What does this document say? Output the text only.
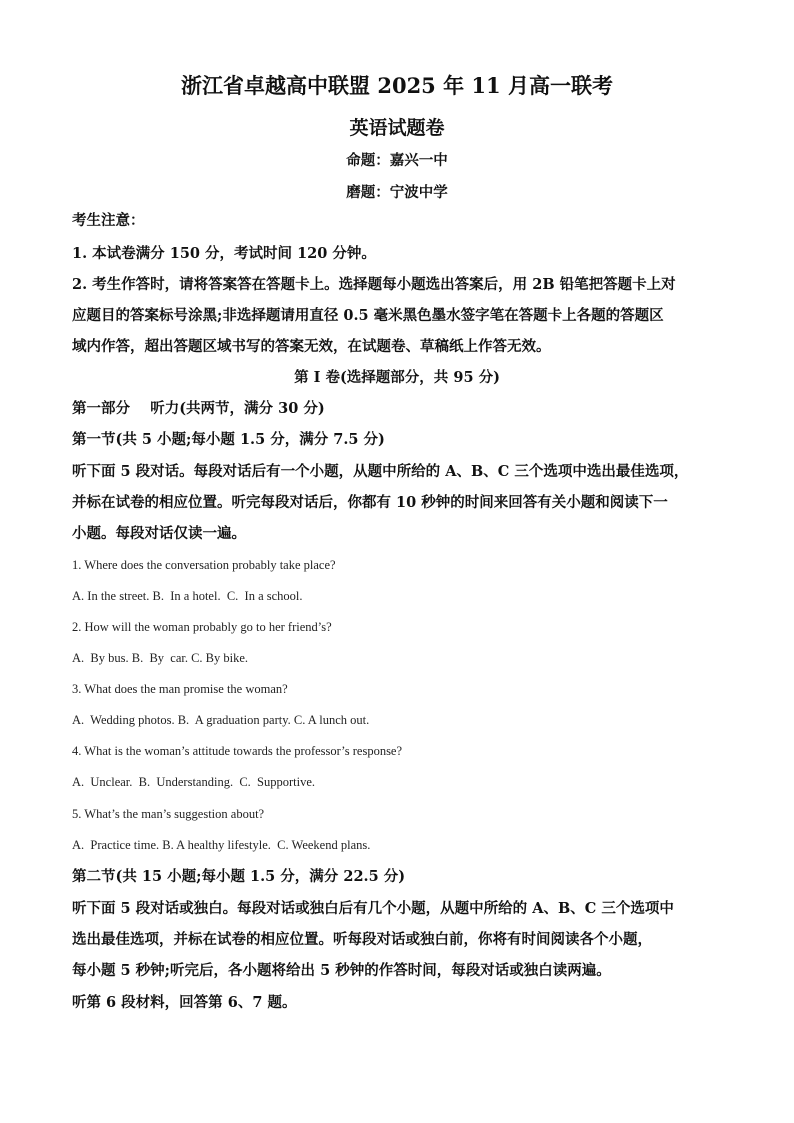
浙江省卓越高中联盟 2025 年 11 月高一联考
英语试题卷
命题：嘉兴一中
磨题：宁波中学
考生注意：
1. 本试卷满分 150 分，考试时间 120 分钟。
2. 考生作答时，请将答案答在答题卡上。选择题每小题选出答案后，用 2B 铅笔把答题卡上对
应题目的答案标号涂黑;非选择题请用直径 0.5 毫米黑色墨水签字笔在答题卡上各题的答题区
域内作答，超出答题区域书写的答案无效，在试题卷、草稿纸上作答无效。
第 I 卷(选择题部分，共 95 分)
第一部分    听力(共两节，满分 30 分)
第一节(共 5 小题;每小题 1.5 分，满分 7.5 分)
听下面 5 段对话。每段对话后有一个小题，从题中所给的 A、B、C 三个选项中选出最佳选项，
并标在试卷的相应位置。听完每段对话后，你都有 10 秒钟的时间来回答有关小题和阅读下一
小题。每段对话仅读一遍。
1. Where does the conversation probably take place?
A. In the street. B.  In a hotel.  C.  In a school.
2. How will the woman probably go to her friend’s?
A.  By bus. B.  By  car. C. By bike.
3. What does the man promise the woman?
A.  Wedding photos. B.  A graduation party. C. A lunch out.
4. What is the woman’s attitude towards the professor’s response?
A.  Unclear.  B.  Understanding.  C.  Supportive.
5. What’s the man’s suggestion about?
A.  Practice time. B. A healthy lifestyle.  C. Weekend plans.
第二节(共 15 小题;每小题 1.5 分，满分 22.5 分)
听下面 5 段对话或独白。每段对话或独白后有几个小题，从题中所给的 A、B、C 三个选项中
选出最佳选项，并标在试卷的相应位置。听每段对话或独白前，你将有时间阅读各个小题，
每小题 5 秒钟;听完后，各小题将给出 5 秒钟的作答时间，每段对话或独白读两遍。
听第 6 段材料，回答第 6、7 题。
